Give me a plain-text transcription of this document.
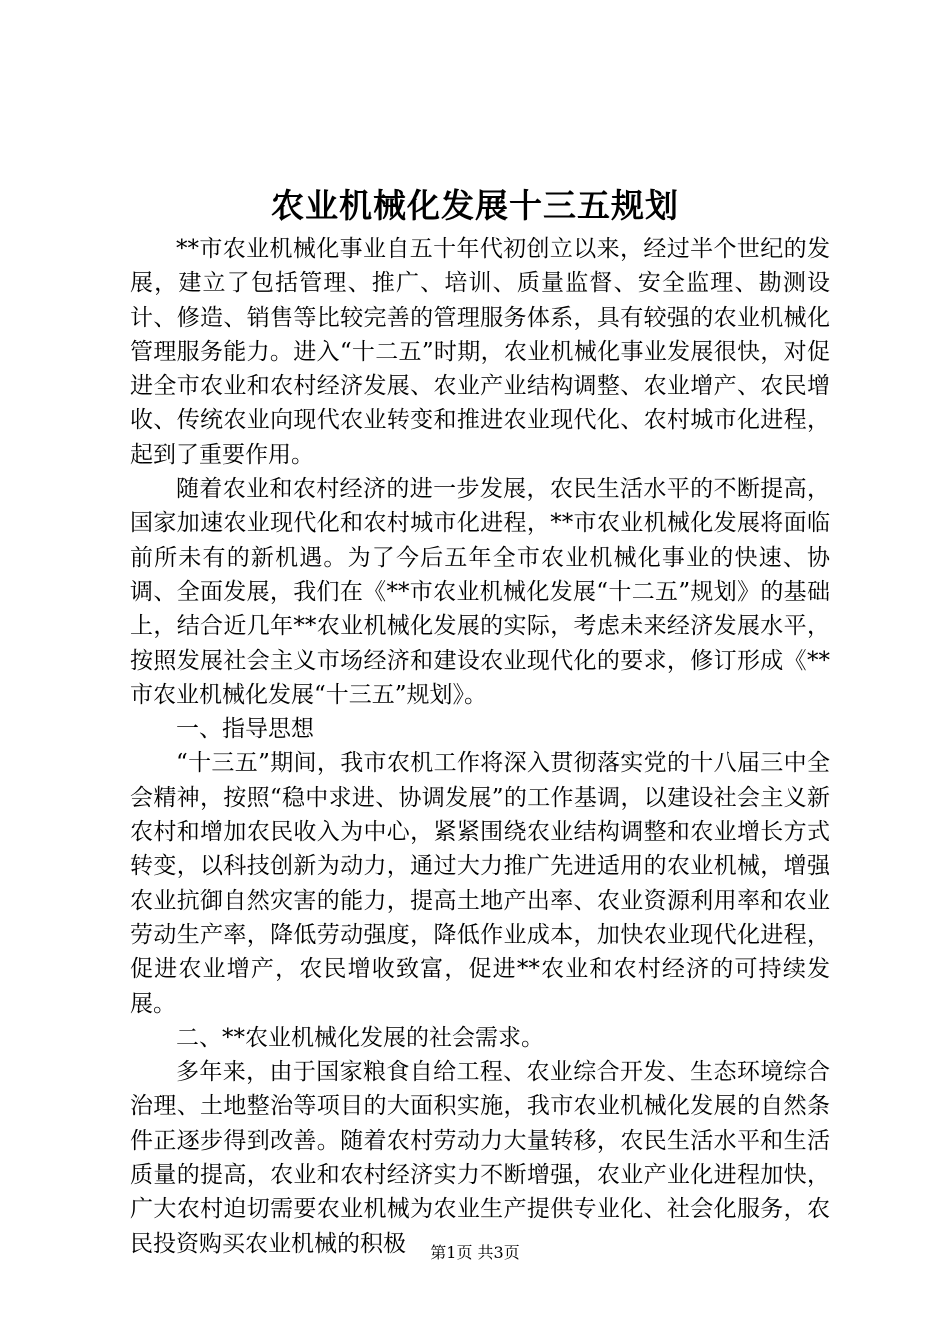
农业机械化发展十三五规划

**市农业机械化事业自五十年代初创立以来，经过半个世纪的发展，建立了包括管理、推广、培训、质量监督、安全监理、勘测设计、修造、销售等比较完善的管理服务体系，具有较强的农业机械化管理服务能力。进入“十二五”时期，农业机械化事业发展很快，对促进全市农业和农村经济发展、农业产业结构调整、农业增产、农民增收、传统农业向现代农业转变和推进农业现代化、农村城市化进程，起到了重要作用。

随着农业和农村经济的进一步发展，农民生活水平的不断提高，国家加速农业现代化和农村城市化进程，**市农业机械化发展将面临前所未有的新机遇。为了今后五年全市农业机械化事业的快速、协调、全面发展，我们在《**市农业机械化发展“十二五”规划》的基础上，结合近几年**农业机械化发展的实际，考虑未来经济发展水平，按照发展社会主义市场经济和建设农业现代化的要求，修订形成《**市农业机械化发展“十三五”规划》。

一、指导思想

“十三五”期间，我市农机工作将深入贯彻落实党的十八届三中全会精神，按照“稳中求进、协调发展”的工作基调，以建设社会主义新农村和增加农民收入为中心，紧紧围绕农业结构调整和农业增长方式转变，以科技创新为动力，通过大力推广先进适用的农业机械，增强农业抗御自然灾害的能力，提高土地产出率、农业资源利用率和农业劳动生产率，降低劳动强度，降低作业成本，加快农业现代化进程，促进农业增产，农民增收致富，促进**农业和农村经济的可持续发展。

二、**农业机械化发展的社会需求。

多年来，由于国家粮食自给工程、农业综合开发、生态环境综合治理、土地整治等项目的大面积实施，我市农业机械化发展的自然条件正逐步得到改善。随着农村劳动力大量转移，农民生活水平和生活质量的提高，农业和农村经济实力不断增强，农业产业化进程加快，广大农村迫切需要农业机械为农业生产提供专业化、社会化服务，农民投资购买农业机械的积极	第1页 共3页
